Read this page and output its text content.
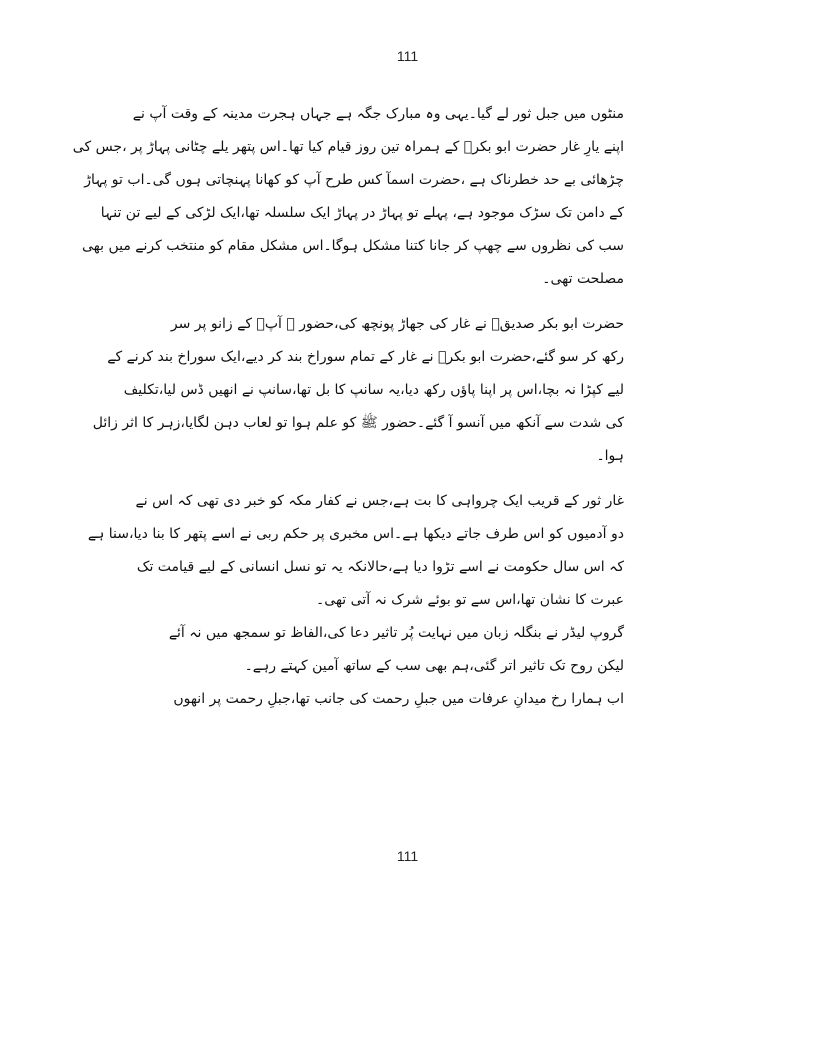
111
منٹوں میں جبل ثور لے گیا۔یہی وہ مبارک جگہ ہے جہاں ہجرت مدینہ کے وقت آپ نے
اپنے یارِ غار حضرت ابو بکرؓ کے ہمراہ تین روز قیام کیا تھا۔اس پتھر یلے چٹانی پہاڑ پر ،جس کی
چڑھائی بے حد خطرناک ہے ،حضرت اسمآ کس طرح آپ کو کھانا پہنچاتی ہوں گی۔اب تو پہاڑ
کے دامن تک سڑک موجود ہے، پہلے تو پہاڑ در پہاڑ ایک سلسلہ تھا،ایک لڑکی کے لیے تن تنہا
سب کی نظروں سے چھپ کر جانا کتنا مشکل ہوگا۔اس مشکل مقام کو منتخب کرنے میں بھی
مصلحت تھی۔
حضرت ابو بکر صدیقؓ نے غار کی جھاڑ پونچھ کی،حضور ﷺ آپؓ کے زانو پر سر
رکھ کر سو گئے،حضرت ابو بکرؓ نے غار کے تمام سوراخ بند کر دیے،ایک سوراخ بند کرنے کے
لیے کپڑا نہ بچا،اس پر اپنا پاؤں رکھ دیا،یہ سانپ کا بل تھا،سانپ نے انھیں ڈس لیا،تکلیف
کی شدت سے آنکھ میں آنسو آ گئے۔حضور ﷺ کو علم ہوا تو لعاب دہن لگایا،زہر کا اثر زائل
ہوا۔
غار ثور کے قریب ایک چرواہی کا بت ہے،جس نے کفار مکہ کو خبر دی تھی کہ اس نے
دو آدمیوں کو اس طرف جاتے دیکھا ہے۔اس مخبری پر حکم ربی نے اسے پتھر کا بنا دیا،سنا ہے
کہ اس سال حکومت نے اسے تڑوا دیا ہے،حالانکہ یہ تو نسل انسانی کے لیے قیامت تک
عبرت کا نشان تھا،اس سے تو بوئے شرک نہ آتی تھی۔
گروپ لیڈر نے بنگلہ زبان میں نہایت پُر تاثیر دعا کی،الفاظ تو سمجھ میں نہ آئے
لیکن روح تک تاثیر اتر گئی،ہم بھی سب کے ساتھ آمین کہتے رہے۔
اب ہمارا رخ میدانِ عرفات میں جبلِ رحمت کی جانب تھا،جبلِ رحمت پر انھوں
111
